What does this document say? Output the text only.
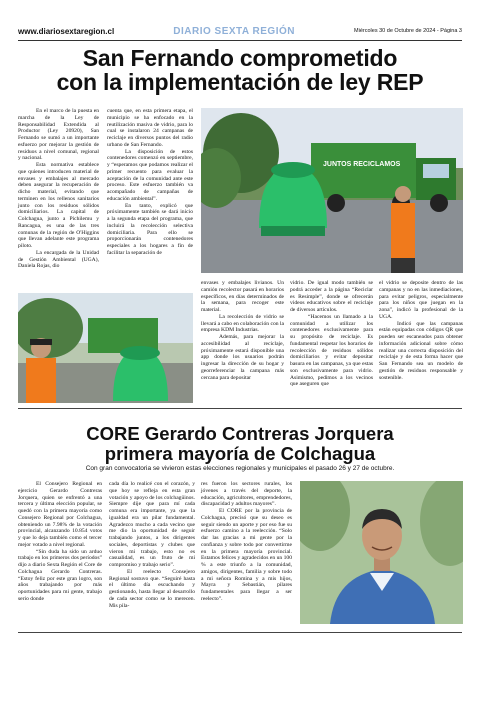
www.diariosextaregion.cl	DIARIO SEXTA REGIÓN	Miércoles 30 de Octubre de 2024 - Página 3
San Fernando comprometido
con la implementación de ley REP

En el marco de la puesta en marcha de la Ley de Responsabilidad Extendida al Productor (Ley 20920), San Fernando se sumó a un importante esfuerzo por mejorar la gestión de residuos a nivel comunal, regional y nacional.

Esta normativa establece que quienes introducen material de envases y embalajes al mercado deben asegurar la recuperación de dicho material, evitando que terminen en los rellenos sanitarios junto con los residuos sólidos domiciliarios. La capital de Colchagua, junto a Pichilemu y Rancagua, es una de las tres comunas de la región de O'Higgins que llevan adelante este programa piloto.

La encargada de la Unidad de Gestión Ambiental (UGA), Daniela Rojas, dio

cuenta que, en esta primera etapa, el municipio se ha enfocado en la reutilización masiva de vidrio, para lo cual se instalaron 24 campanas de reciclaje en diversos puntos del radio urbano de San Fernando.

La disposición de estos contenedores comenzó en septiembre, y “esperamos que podamos realizar el primer recuento para evaluar la aceptación de la comunidad ante este proceso. Este esfuerzo también va acompañado de campañas de educación ambiental”.

En tanto, explicó que próximamente también se dará inicio a la segunda etapa del programa, que incluirá la recolección selectiva domiciliaria. Para ello se proporcionarán contenedores especiales a los hogares a fin de facilitar la separación de

JUNTOS RECICLAMOS

envases y embalajes livianos. Un camión recolector pasará en horarios específicos, en días determinados de la semana, para recoger este material.

La recolección de vidrio se llevará a cabo en colaboración con la empresa KDM Industrias.

Además, para mejorar la accesibilidad al reciclaje, próximamente estará disponible una app donde los usuarios podrán ingresar la dirección de su hogar y georreferenciar la campana más cercana para depositar

vidrio. De igual modo también se podrá acceder a la página “Reciclar es Resimple”, donde se ofrecerán videos educativos sobre el reciclaje de diversos artículos.

“Hacemos un llamado a la comunidad a utilizar los contenedores exclusivamente para su propósito de reciclaje. Es fundamental respetar los horarios de recolección de residuos sólidos domiciliarios y evitar depositar basura en las campanas, ya que estas son exclusivamente para vidrio. Asimismo, pedimos a los vecinos que aseguren que

el vidrio se deposite dentro de las campanas y no en las inmediaciones, para evitar peligros, especialmente para los niños que juegan en la zona”, indicó la profesional de la UGA.

Indicó que las campanas están equipadas con códigos QR que pueden ser escaneados para obtener información adicional sobre cómo realizar una correcta disposición del reciclaje y de esta forma hacer que San Fernando sea un modelo de gestión de residuos responsable y sostenible.

CORE Gerardo Contreras Jorquera
primera mayoría de Colchagua
Con gran convocatoria se vivieron estas elecciones regionales y municipales el pasado 26 y 27 de octubre.

El Consejero Regional en ejercicio Gerardo Contreras Jorquera, quien se enfrentó a una tercera y última elección popular, se quedó con la primera mayoría como Consejero Regional por Colchagua, obteniendo un 7.98% de la votación provincial, alcanzando 10.854 votos y que lo deja también como el tercer mejor votado a nivel regional.

“Sin duda ha sido un arduo trabajo en los primeros dos períodos” dijo a diario Sexta Región el Core de Colchagua Gerardo Contreras. “Estoy feliz por este gran logro, son años trabajando por más oportunidades para mi gente, trabajo serio donde

cada día lo realicé con el corazón, y que hoy se refleja en esta gran votación y apoyo de los colchagüinos. Siempre dije que para mí cada comuna era importante, ya que la igualdad era un pilar fundamental. Agradezco mucho a cada vecino que me dio la oportunidad de seguir trabajando juntos, a los dirigentes sociales, deportistas y clubes que vieron mi trabajo, esto no es casualidad, es un fruto de mi compromiso y trabajo serio”.

El reelecto Consejero Regional sostuvo que. “Seguiré hasta el último día escuchando y gestionando, hasta llegar al desarrollo de cada sector como se lo merecen. Mis pila-

res fueron los sectores rurales, los jóvenes a través del deporte, la educación, agricultores, emprendedores, discapacidad y adultos mayores”.

El CORE por la provincia de Colchagua, precisó que su deseo es seguir siendo un aporte y por eso fue su esfuerzo camino a la reelección. “Solo dar las gracias a mi gente por la confianza y sobre todo por convertirme en la primera mayoría provincial. Estamos felices y agradecidos en un 100 % a este triunfo a la comunidad, amigos, dirigentes, familia y sobre todo a mi señora Romina y a mis hijos, Mayra y Sebastián, pilares fundamentales para llegar a ser reelecto”.
